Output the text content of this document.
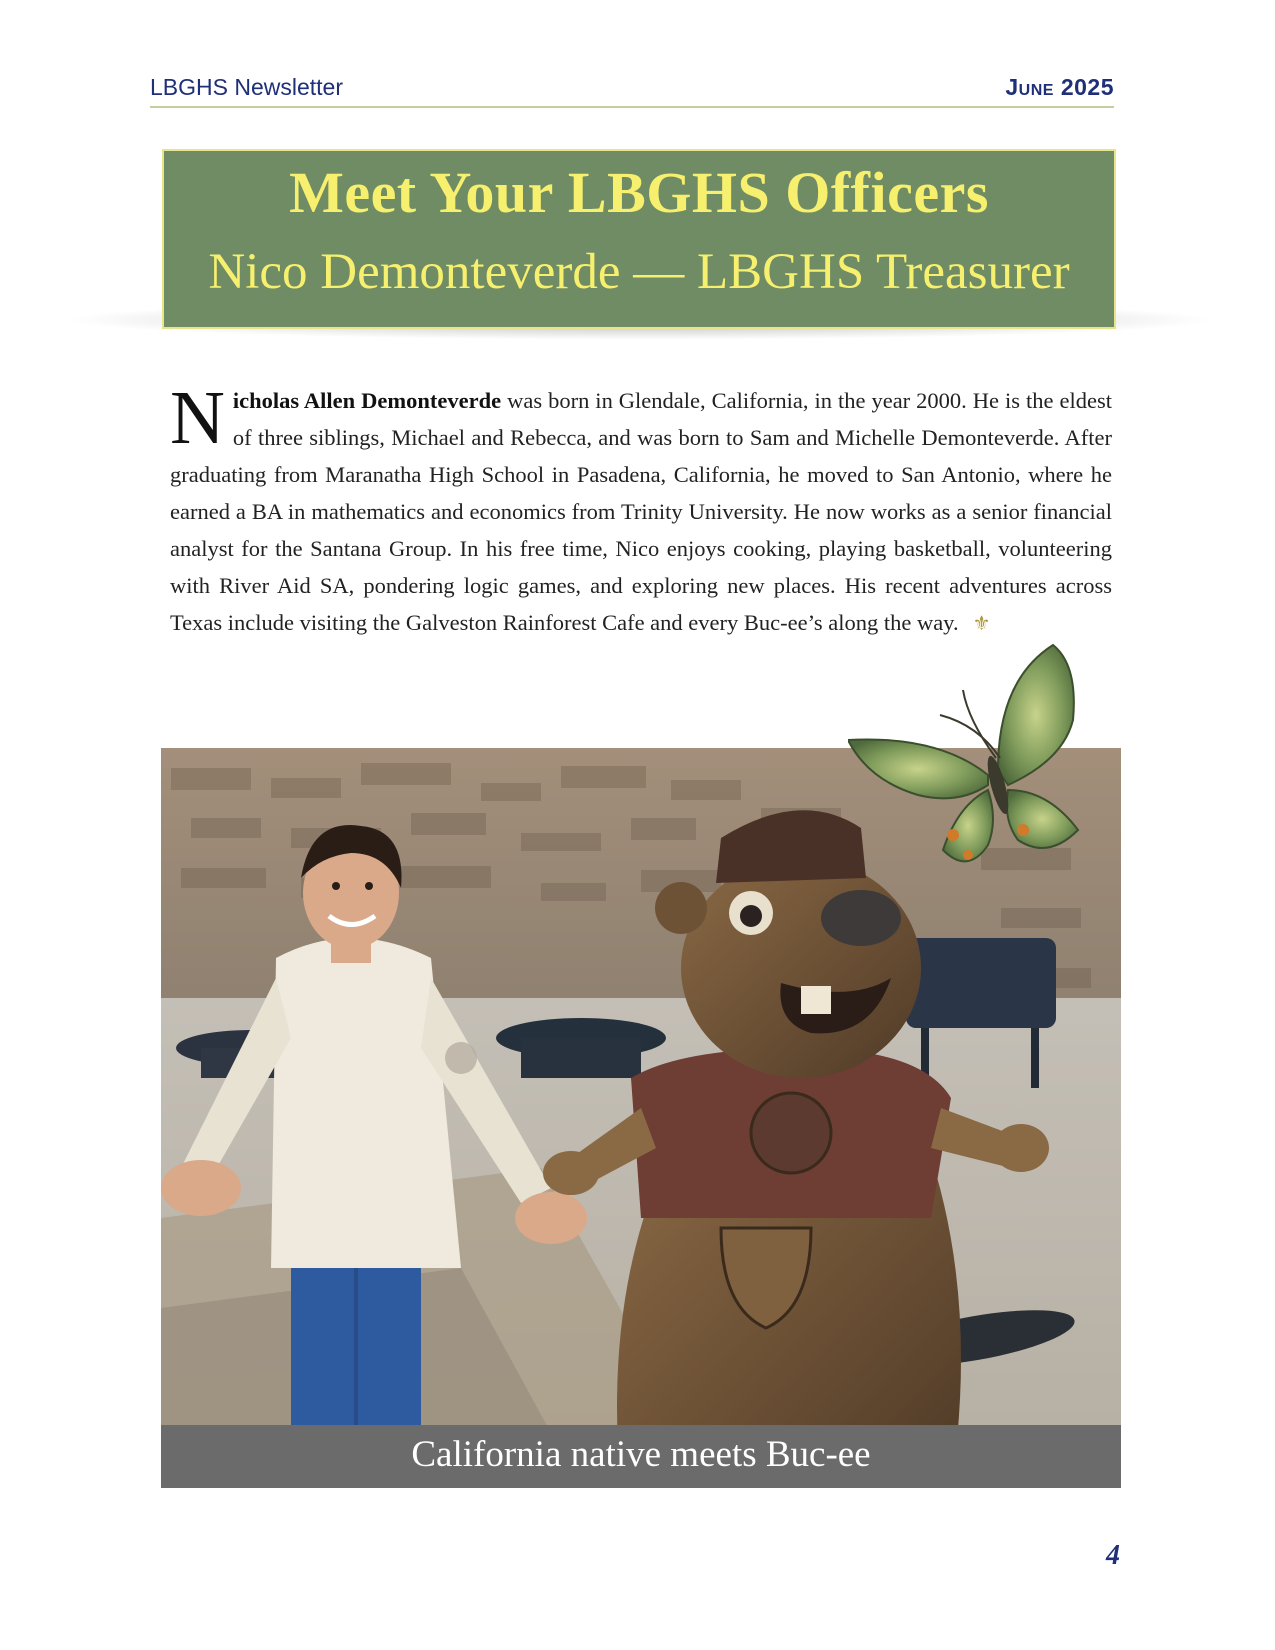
LBGHS Newsletter	June 2025
Meet Your LBGHS Officers
Nico Demonteverde — LBGHS Treasurer
Nicholas Allen Demonteverde was born in Glendale, California, in the year 2000. He is the eldest of three siblings, Michael and Rebecca, and was born to Sam and Michelle Demonteverde. After graduating from Maranatha High School in Pasadena, California, he moved to San Antonio, where he earned a BA in mathematics and economics from Trinity University. He now works as a senior financial analyst for the Santana Group. In his free time, Nico enjoys cooking, playing basketball, volunteering with River Aid SA, pondering logic games, and exploring new places. His recent adventures across Texas include visiting the Galveston Rainforest Cafe and every Buc-ee’s along the way. ⚜
California native meets Buc-ee
4
